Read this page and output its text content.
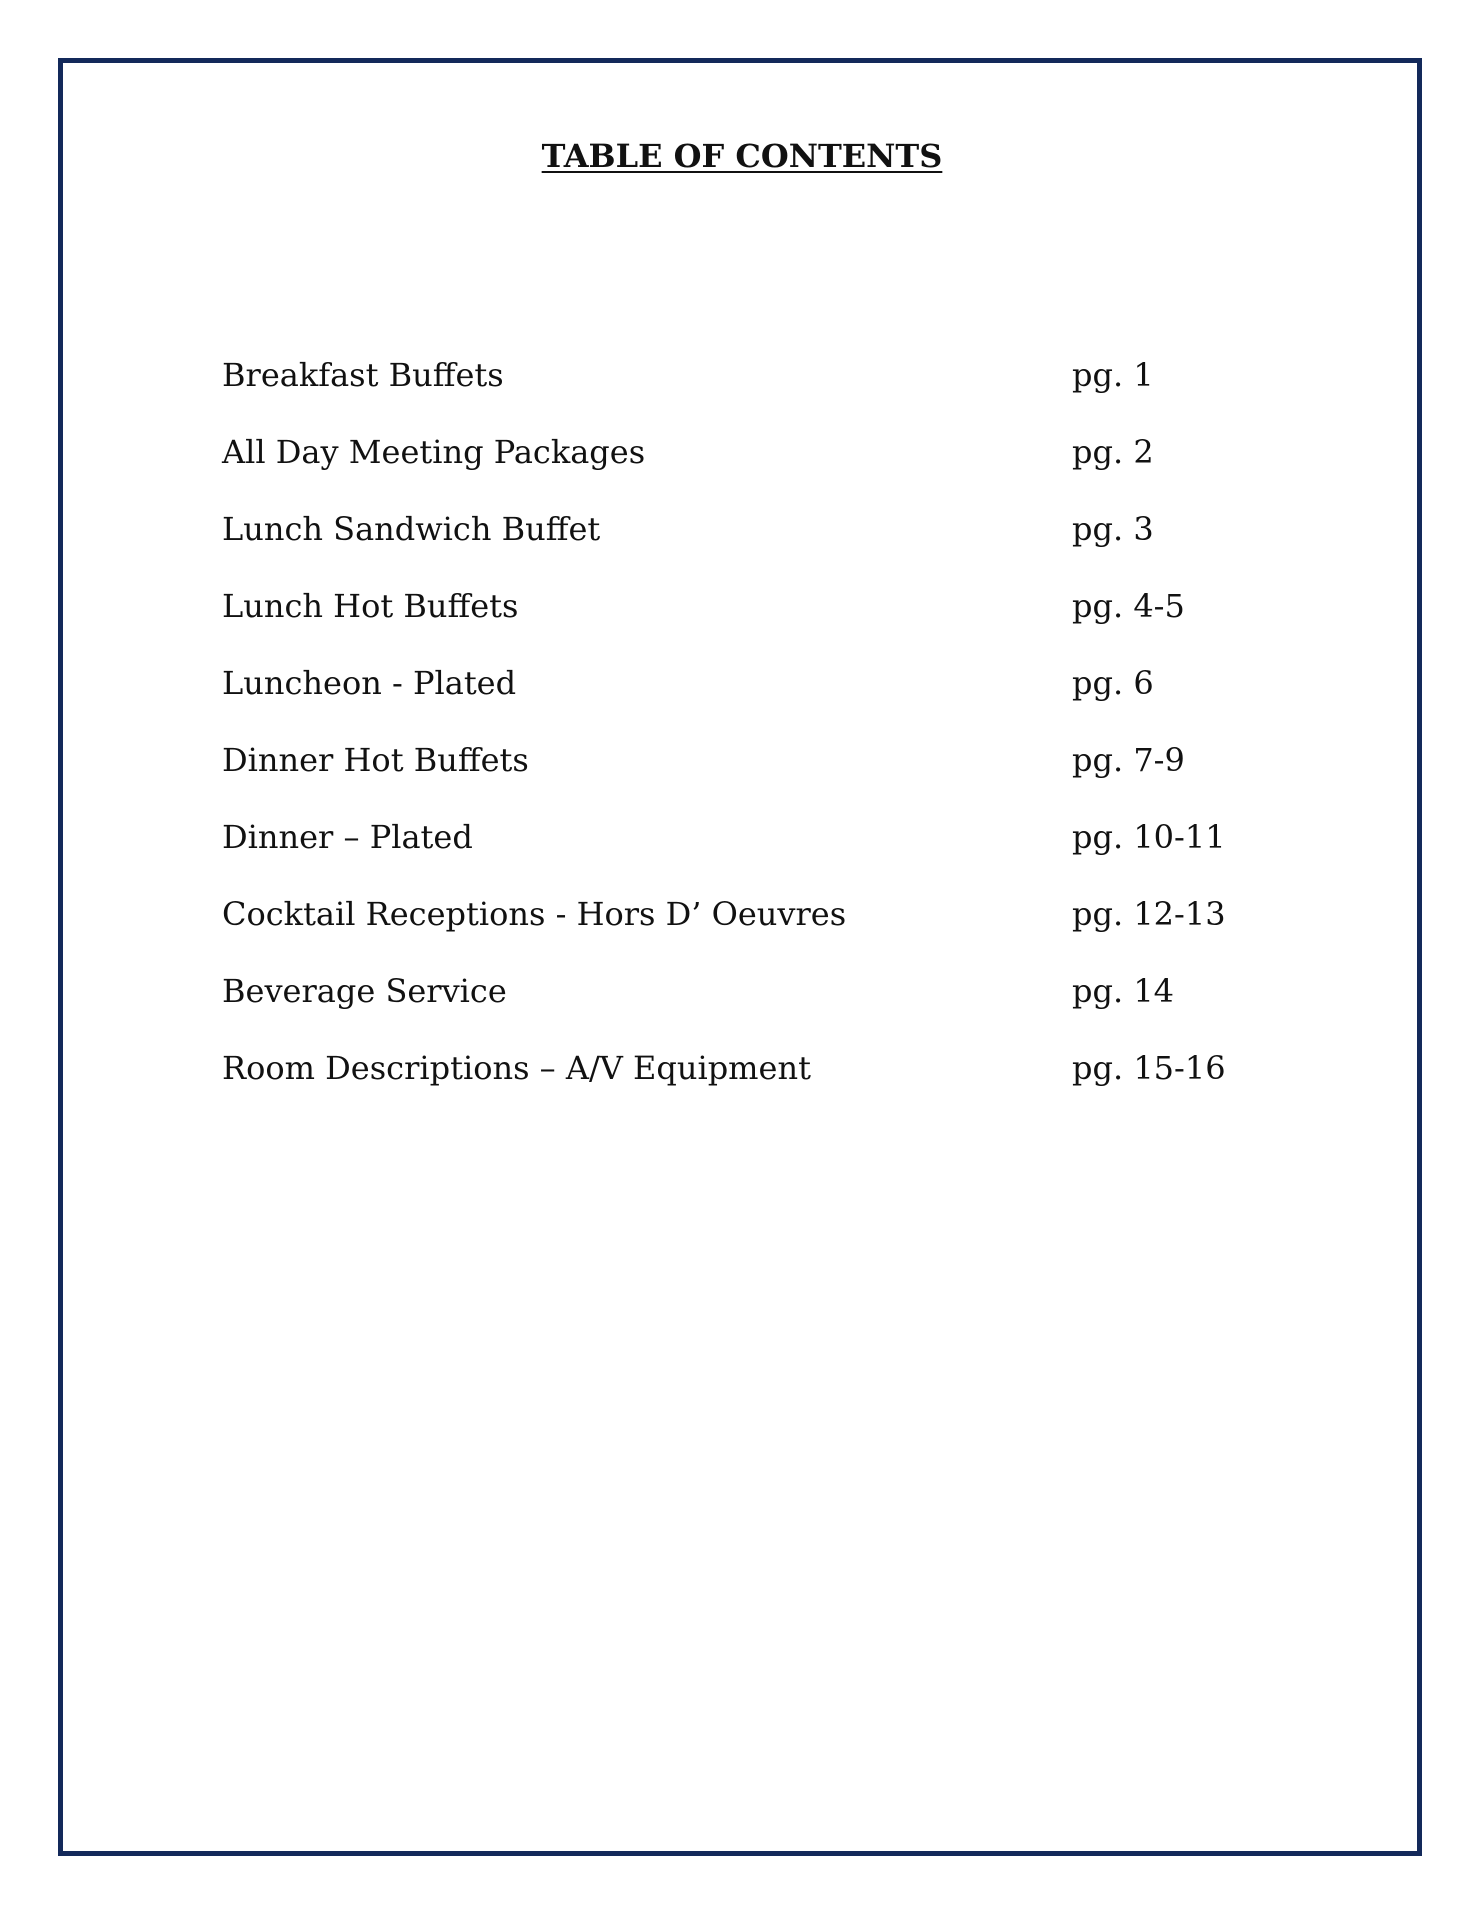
TABLE OF CONTENTS
Breakfast Buffets	pg. 1
All Day Meeting Packages	pg. 2
Lunch Sandwich Buffet	pg. 3
Lunch Hot Buffets	pg. 4-5
Luncheon - Plated	pg. 6
Dinner Hot Buffets	pg. 7-9
Dinner – Plated	pg. 10-11
Cocktail Receptions - Hors D’ Oeuvres	pg. 12-13
Beverage Service	pg. 14
Room Descriptions – A/V Equipment	pg. 15-16
